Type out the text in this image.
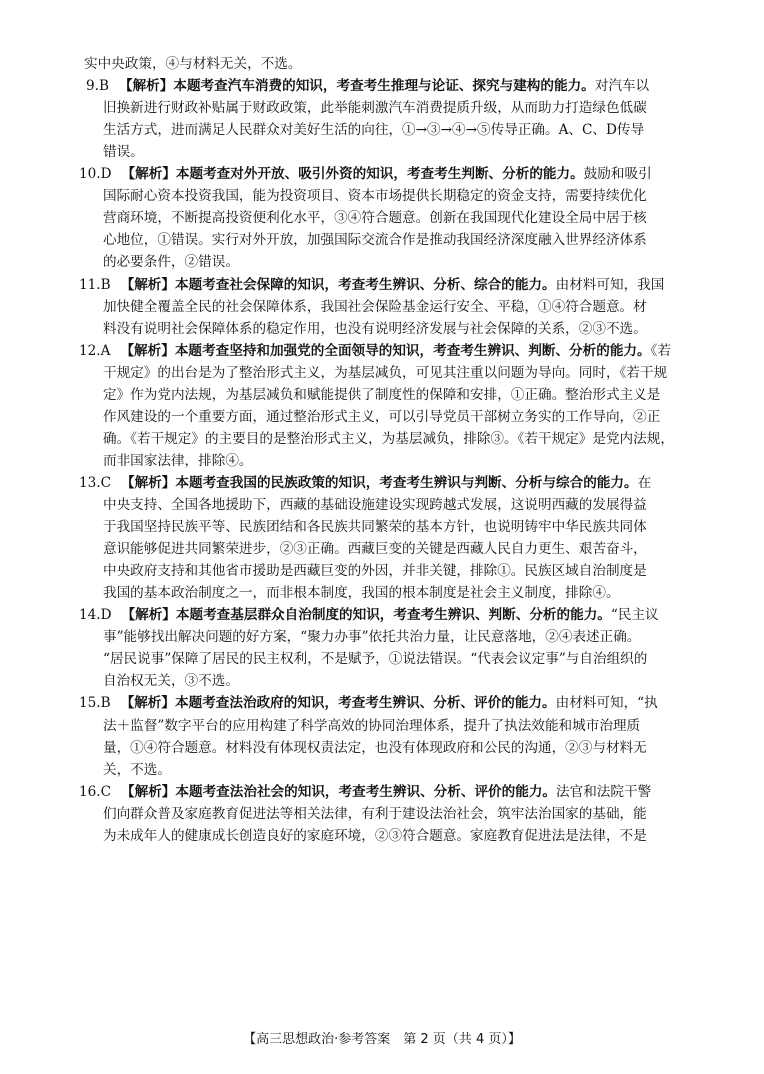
实中央政策，④与材料无关，不选。
9.B 【解析】本题考查汽车消费的知识，考查考生推理与论证、探究与建构的能力。对汽车以
旧换新进行财政补贴属于财政政策，此举能刺激汽车消费提质升级，从而助力打造绿色低碳
生活方式，进而满足人民群众对美好生活的向往，①→③→④→⑤传导正确。A、C、D传导
错误。
10.D 【解析】本题考查对外开放、吸引外资的知识，考查考生判断、分析的能力。鼓励和吸引
国际耐心资本投资我国，能为投资项目、资本市场提供长期稳定的资金支持，需要持续优化
营商环境，不断提高投资便利化水平，③④符合题意。创新在我国现代化建设全局中居于核
心地位，①错误。实行对外开放，加强国际交流合作是推动我国经济深度融入世界经济体系
的必要条件，②错误。
11.B 【解析】本题考查社会保障的知识，考查考生辨识、分析、综合的能力。由材料可知，我国
加快健全覆盖全民的社会保障体系，我国社会保险基金运行安全、平稳，①④符合题意。材
料没有说明社会保障体系的稳定作用，也没有说明经济发展与社会保障的关系，②③不选。
12.A 【解析】本题考查坚持和加强党的全面领导的知识，考查考生辨识、判断、分析的能力。《若
干规定》的出台是为了整治形式主义，为基层减负，可见其注重以问题为导向。同时，《若干规
定》作为党内法规，为基层减负和赋能提供了制度性的保障和安排，①正确。整治形式主义是
作风建设的一个重要方面，通过整治形式主义，可以引导党员干部树立务实的工作导向，②正
确。《若干规定》的主要目的是整治形式主义，为基层减负，排除③。《若干规定》是党内法规，
而非国家法律，排除④。
13.C 【解析】本题考查我国的民族政策的知识，考查考生辨识与判断、分析与综合的能力。在
中央支持、全国各地援助下，西藏的基础设施建设实现跨越式发展，这说明西藏的发展得益
于我国坚持民族平等、民族团结和各民族共同繁荣的基本方针，也说明铸牢中华民族共同体
意识能够促进共同繁荣进步，②③正确。西藏巨变的关键是西藏人民自力更生、艰苦奋斗，
中央政府支持和其他省市援助是西藏巨变的外因，并非关键，排除①。民族区域自治制度是
我国的基本政治制度之一，而非根本制度，我国的根本制度是社会主义制度，排除④。
14.D 【解析】本题考查基层群众自治制度的知识，考查考生辨识、判断、分析的能力。“民主议
事”能够找出解决问题的好方案，“聚力办事”依托共治力量，让民意落地，②④表述正确。
“居民说事”保障了居民的民主权利，不是赋予，①说法错误。“代表会议定事”与自治组织的
自治权无关，③不选。
15.B 【解析】本题考查法治政府的知识，考查考生辨识、分析、评价的能力。由材料可知，“执
法＋监督”数字平台的应用构建了科学高效的协同治理体系，提升了执法效能和城市治理质
量，①④符合题意。材料没有体现权责法定，也没有体现政府和公民的沟通，②③与材料无
关，不选。
16.C 【解析】本题考查法治社会的知识，考查考生辨识、分析、评价的能力。法官和法院干警
们向群众普及家庭教育促进法等相关法律，有利于建设法治社会，筑牢法治国家的基础，能
为未成年人的健康成长创造良好的家庭环境，②③符合题意。家庭教育促进法是法律，不是
【高三思想政治·参考答案　第 2 页（共 4 页）】
